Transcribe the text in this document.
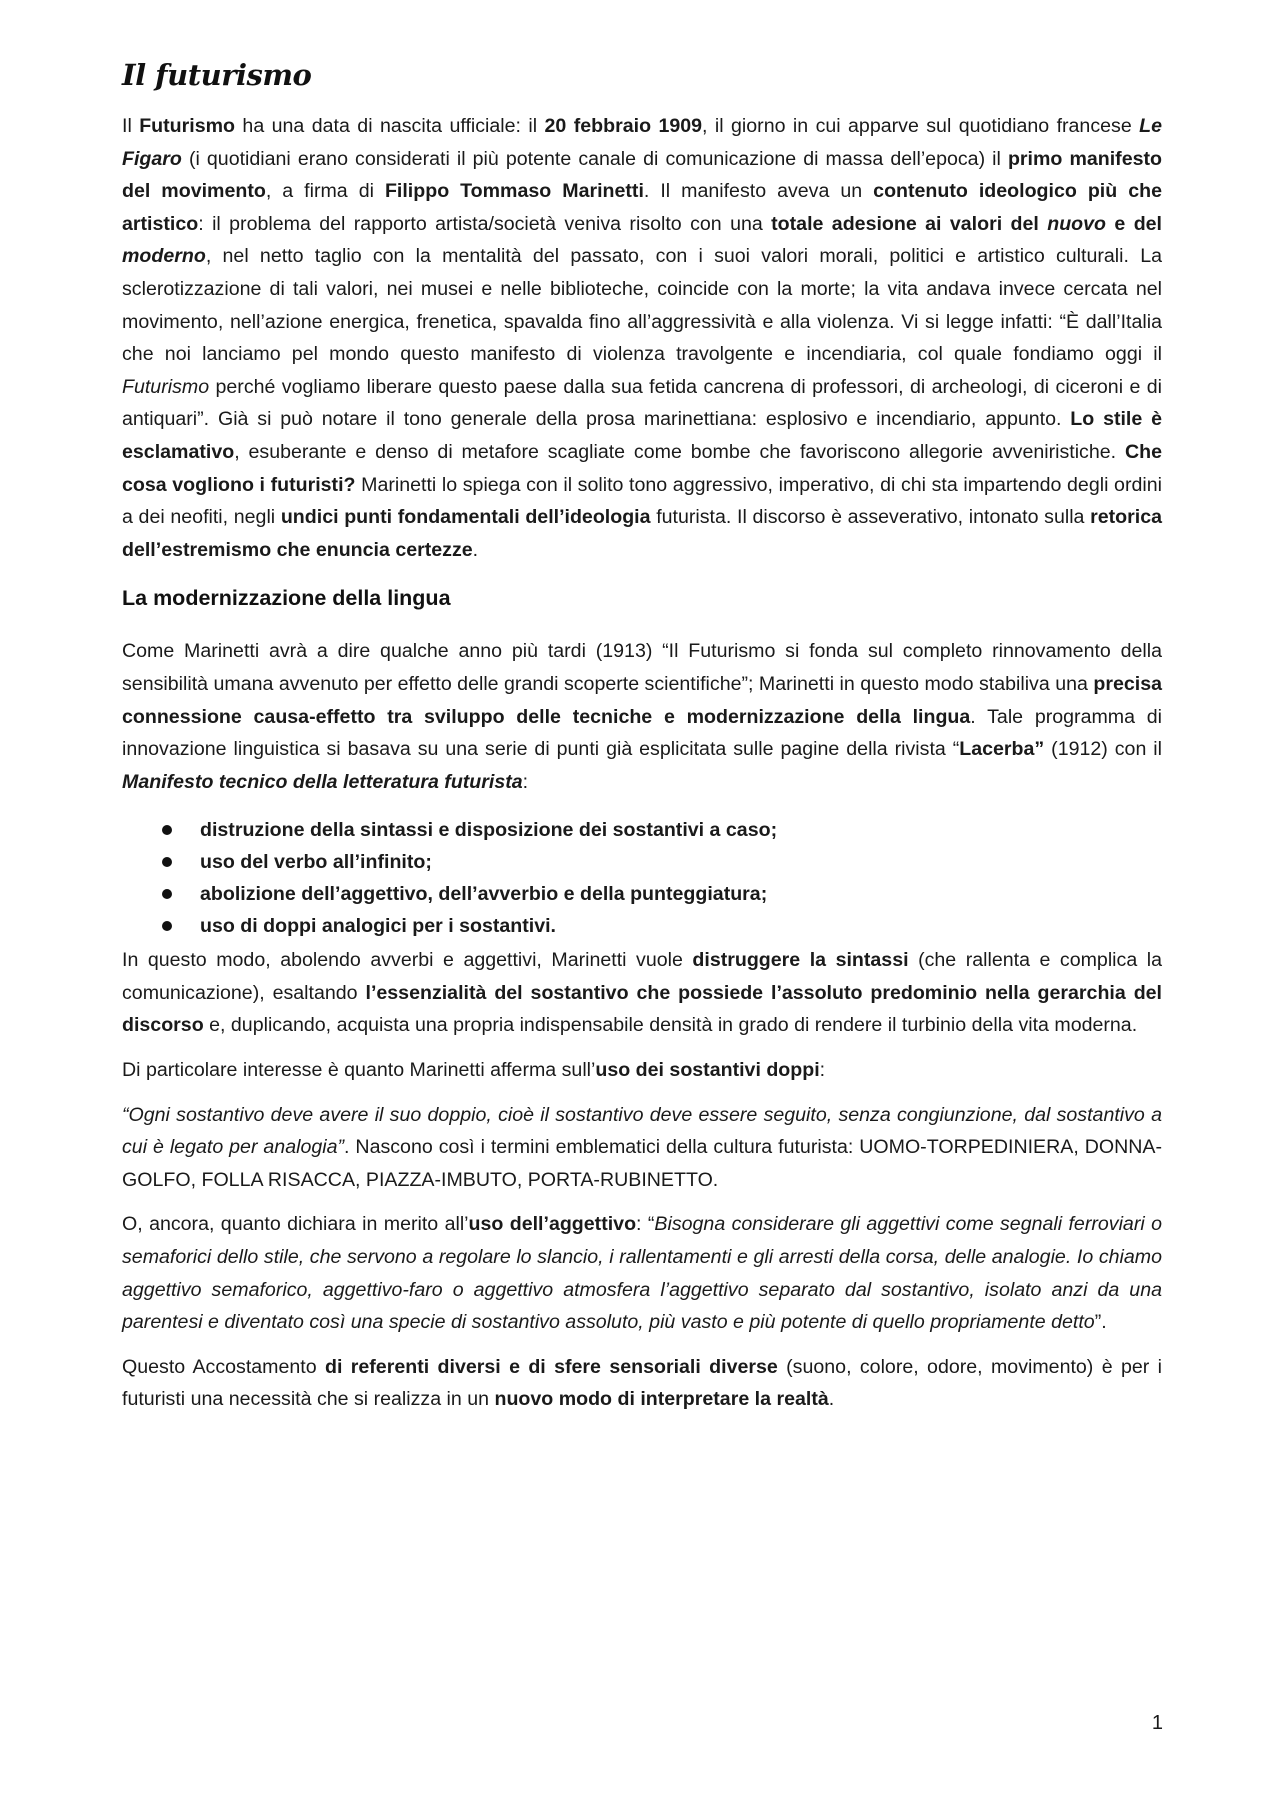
Il futurismo

Il Futurismo ha una data di nascita ufficiale: il 20 febbraio 1909, il giorno in cui apparve sul quotidiano francese Le Figaro (i quotidiani erano considerati il più potente canale di comunicazione di massa dell’epoca) il primo manifesto del movimento, a firma di Filippo Tommaso Marinetti. Il manifesto aveva un contenuto ideologico più che artistico: il problema del rapporto artista/società veniva risolto con una totale adesione ai valori del nuovo e del moderno, nel netto taglio con la mentalità del passato, con i suoi valori morali, politici e artistico culturali. La sclerotizzazione di tali valori, nei musei e nelle biblioteche, coincide con la morte; la vita andava invece cercata nel movimento, nell’azione energica, frenetica, spavalda fino all’aggressività e alla violenza. Vi si legge infatti: “È dall’Italia che noi lanciamo pel mondo questo manifesto di violenza travolgente e incendiaria, col quale fondiamo oggi il Futurismo perché vogliamo liberare questo paese dalla sua fetida cancrena di professori, di archeologi, di ciceroni e di antiquari”. Già si può notare il tono generale della prosa marinettiana: esplosivo e incendiario, appunto. Lo stile è esclamativo, esuberante e denso di metafore scagliate come bombe che favoriscono allegorie avveniristiche. Che cosa vogliono i futuristi? Marinetti lo spiega con il solito tono aggressivo, imperativo, di chi sta impartendo degli ordini a dei neofiti, negli undici punti fondamentali dell’ideologia futurista. Il discorso è asseverativo, intonato sulla retorica dell’estremismo che enuncia certezze.

La modernizzazione della lingua

Come Marinetti avrà a dire qualche anno più tardi (1913) “Il Futurismo si fonda sul completo rinnovamento della sensibilità umana avvenuto per effetto delle grandi scoperte scientifiche”; Marinetti in questo modo stabiliva una precisa connessione causa-effetto tra sviluppo delle tecniche e modernizzazione della lingua. Tale programma di innovazione linguistica si basava su una serie di punti già esplicitata sulle pagine della rivista “Lacerba” (1912) con il Manifesto tecnico della letteratura futurista:

distruzione della sintassi e disposizione dei sostantivi a caso;
uso del verbo all’infinito;
abolizione dell’aggettivo, dell’avverbio e della punteggiatura;
uso di doppi analogici per i sostantivi.

In questo modo, abolendo avverbi e aggettivi, Marinetti vuole distruggere la sintassi (che rallenta e complica la comunicazione), esaltando l’essenzialità del sostantivo che possiede l’assoluto predominio nella gerarchia del discorso e, duplicando, acquista una propria indispensabile densità in grado di rendere il turbinio della vita moderna.

Di particolare interesse è quanto Marinetti afferma sull’uso dei sostantivi doppi:

“Ogni sostantivo deve avere il suo doppio, cioè il sostantivo deve essere seguito, senza congiunzione, dal sostantivo a cui è legato per analogia”. Nascono così i termini emblematici della cultura futurista: UOMO-TORPEDINIERA, DONNA-GOLFO, FOLLA RISACCA, PIAZZA-IMBUTO, PORTA-RUBINETTO.

O, ancora, quanto dichiara in merito all’uso dell’aggettivo: “Bisogna considerare gli aggettivi come segnali ferroviari o semaforici dello stile, che servono a regolare lo slancio, i rallentamenti e gli arresti della corsa, delle analogie. Io chiamo aggettivo semaforico, aggettivo-faro o aggettivo atmosfera l’aggettivo separato dal sostantivo, isolato anzi da una parentesi e diventato così una specie di sostantivo assoluto, più vasto e più potente di quello propriamente detto”.

Questo Accostamento di referenti diversi e di sfere sensoriali diverse (suono, colore, odore, movimento) è per i futuristi una necessità che si realizza in un nuovo modo di interpretare la realtà.

1
